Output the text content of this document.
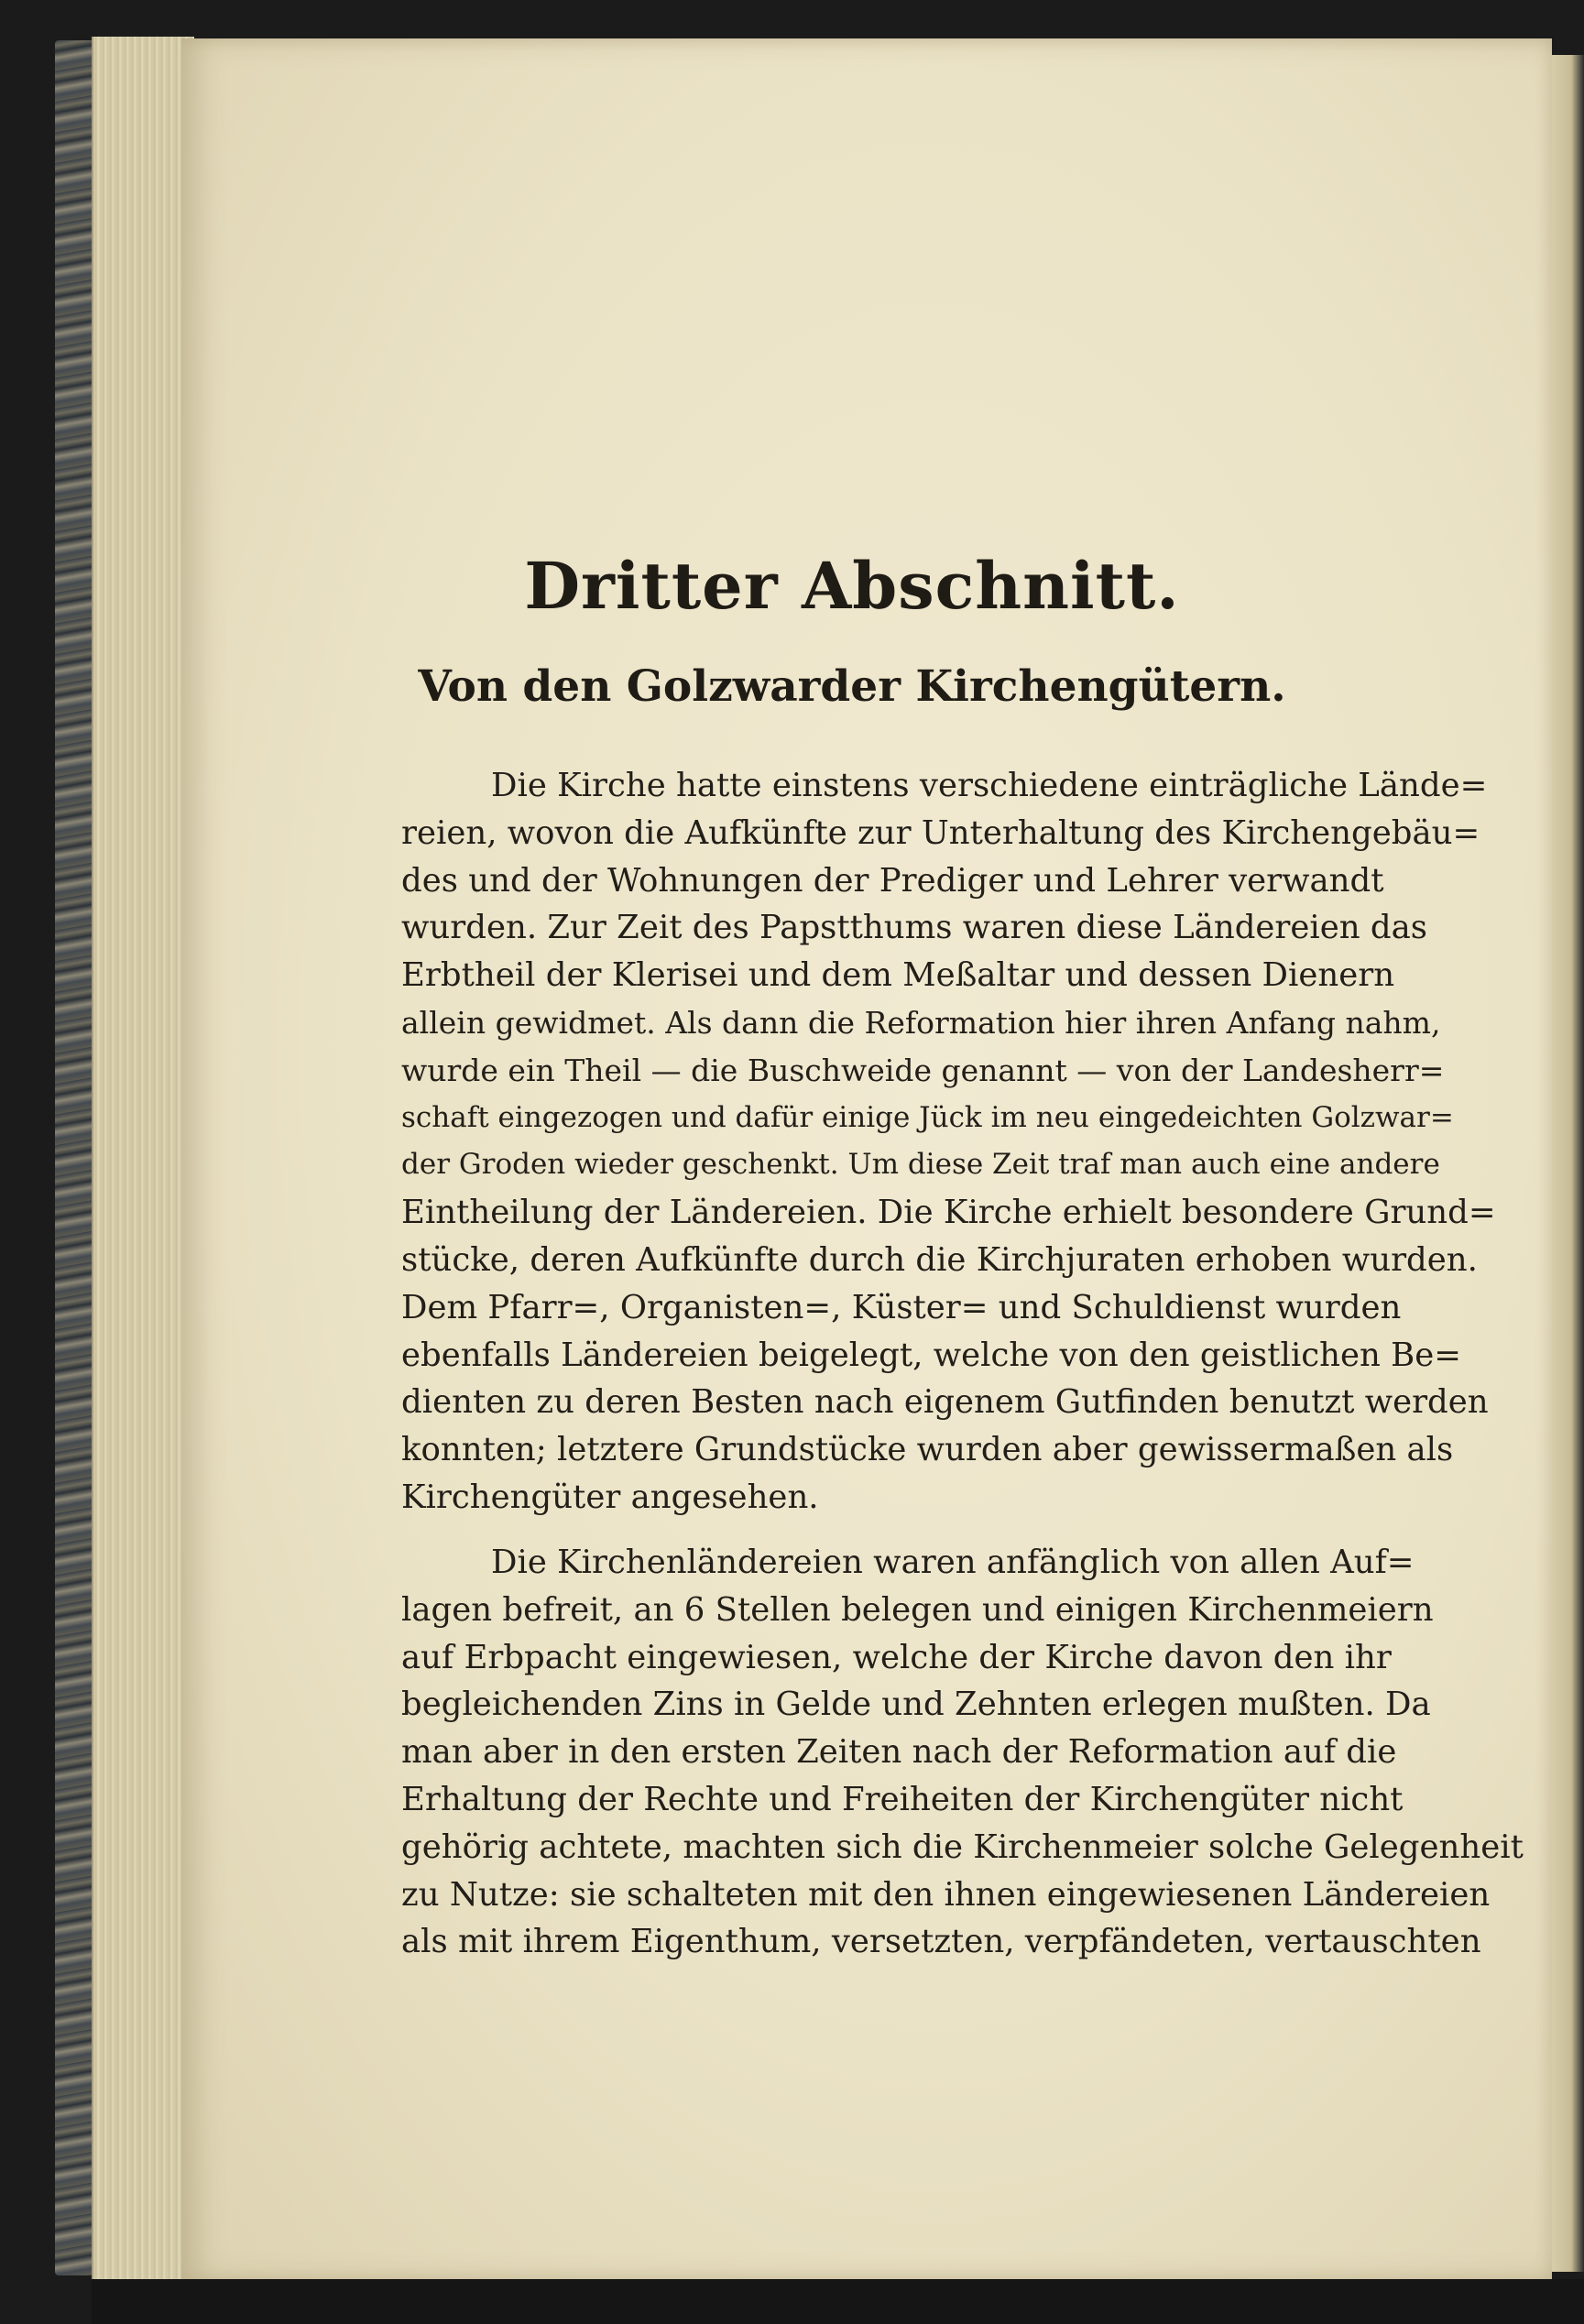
Dritter Abschnitt.
Von den Golzwarder Kirchengütern.
Die Kirche hatte einstens verschiedene einträgliche Lände=
reien, wovon die Aufkünfte zur Unterhaltung des Kirchengebäu=
des und der Wohnungen der Prediger und Lehrer verwandt
wurden. Zur Zeit des Papstthums waren diese Ländereien das
Erbtheil der Klerisei und dem Meßaltar und dessen Dienern
allein gewidmet. Als dann die Reformation hier ihren Anfang nahm,
wurde ein Theil — die Buschweide genannt — von der Landesherr=
schaft eingezogen und dafür einige Jück im neu eingedeichten Golzwar=
der Groden wieder geschenkt. Um diese Zeit traf man auch eine andere
Eintheilung der Ländereien. Die Kirche erhielt besondere Grund=
stücke, deren Aufkünfte durch die Kirchjuraten erhoben wurden.
Dem Pfarr=, Organisten=, Küster= und Schuldienst wurden
ebenfalls Ländereien beigelegt, welche von den geistlichen Be=
dienten zu deren Besten nach eigenem Gutfinden benutzt werden
konnten; letztere Grundstücke wurden aber gewissermaßen als
Kirchengüter angesehen.
Die Kirchenländereien waren anfänglich von allen Auf=
lagen befreit, an 6 Stellen belegen und einigen Kirchenmeiern
auf Erbpacht eingewiesen, welche der Kirche davon den ihr
begleichenden Zins in Gelde und Zehnten erlegen mußten. Da
man aber in den ersten Zeiten nach der Reformation auf die
Erhaltung der Rechte und Freiheiten der Kirchengüter nicht
gehörig achtete, machten sich die Kirchenmeier solche Gelegenheit
zu Nutze: sie schalteten mit den ihnen eingewiesenen Ländereien
als mit ihrem Eigenthum, versetzten, verpfändeten, vertauschten
